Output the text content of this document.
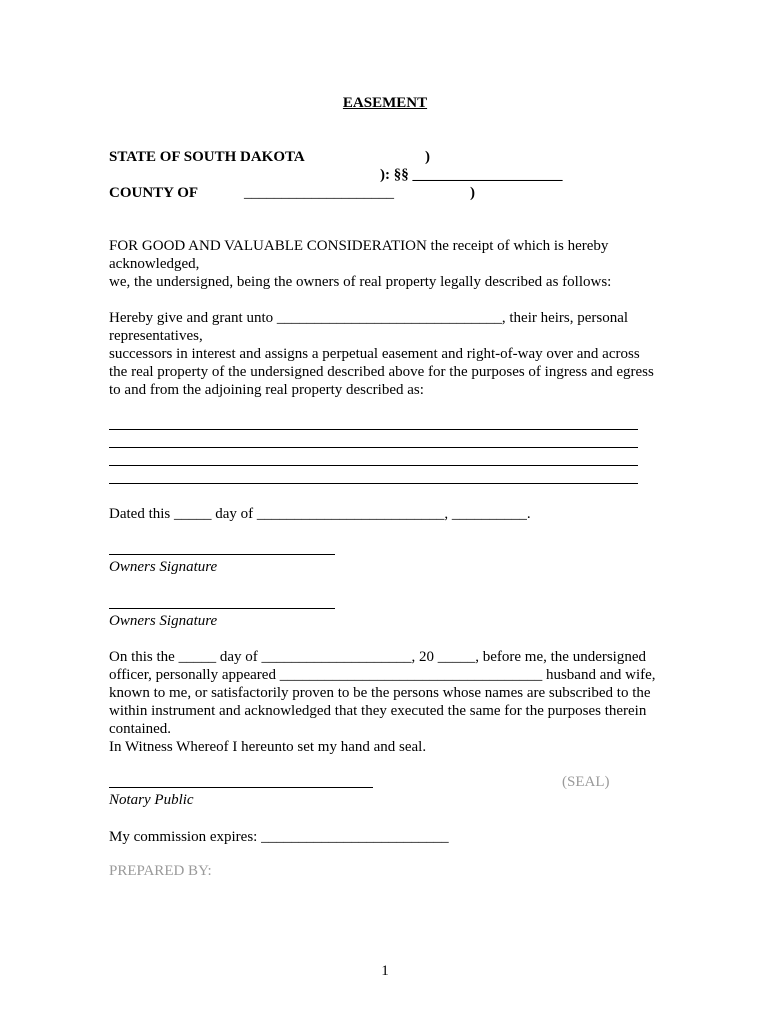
EASEMENT
STATE OF SOUTH DAKOTA	)
): §§ ____________________
COUNTY OF	____________________	)
FOR GOOD AND VALUABLE CONSIDERATION the receipt of which is hereby
acknowledged,
we, the undersigned, being the owners of real property legally described as follows:
Hereby give and grant unto ______________________________, their heirs, personal
representatives,
successors in interest and assigns a perpetual easement and right-of-way over and across
the real property of the undersigned described above for the purposes of ingress and egress
to and from the adjoining real property described as:
Dated this _____ day of _________________________, __________.
Owners Signature
Owners Signature
On this the _____ day of ____________________, 20 _____, before me, the undersigned
officer, personally appeared ___________________________________ husband and wife,
known to me, or satisfactorily proven to be the persons whose names are subscribed to the
within instrument and acknowledged that they executed the same for the purposes therein
contained.
In Witness Whereof I hereunto set my hand and seal.
(SEAL)
Notary Public
My commission expires: _________________________
PREPARED BY:
1
